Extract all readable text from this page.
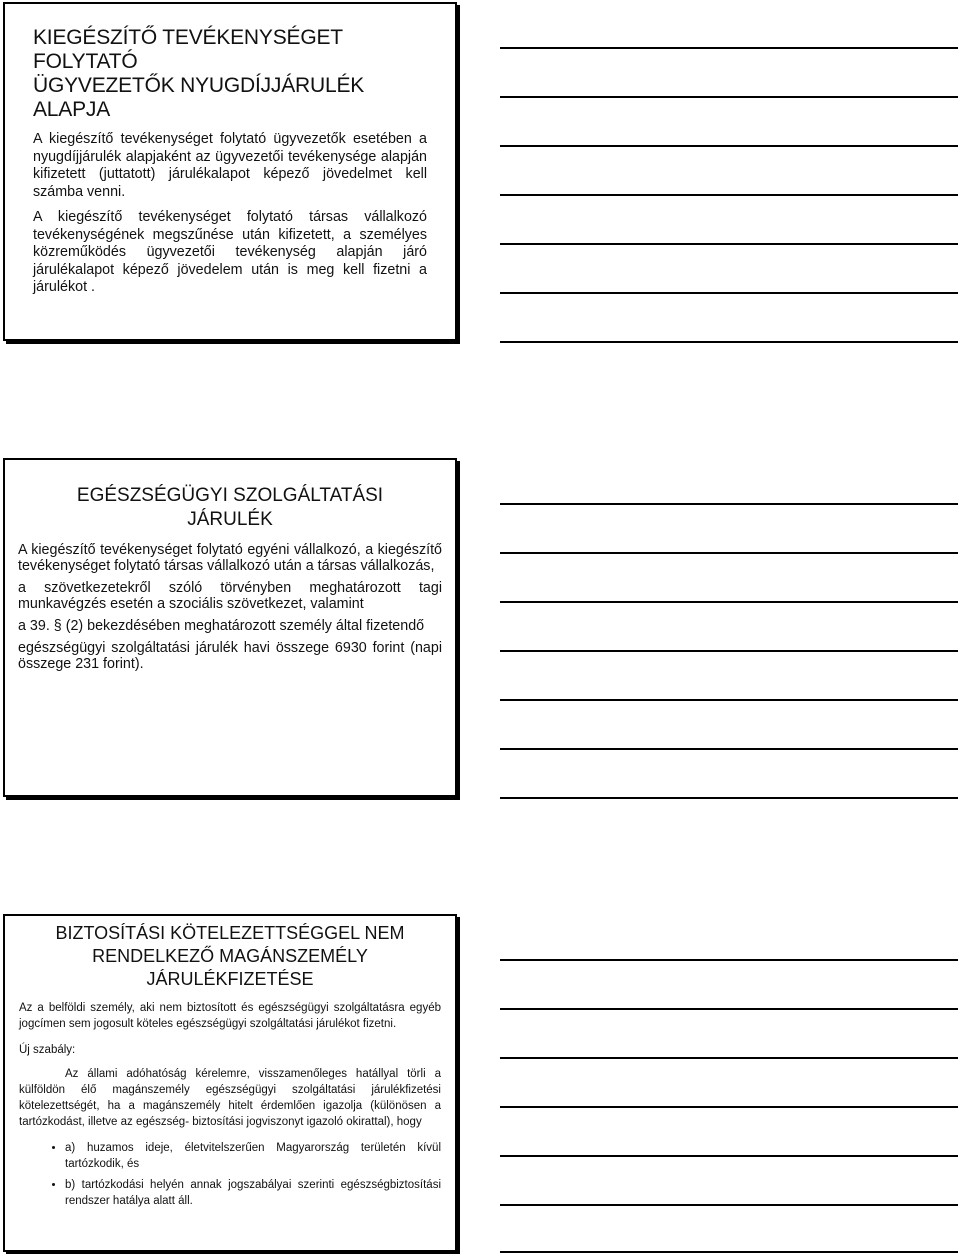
KIEGÉSZÍTŐ TEVÉKENYSÉGET FOLYTATÓ
ÜGYVEZETŐK NYUGDÍJJÁRULÉK ALAPJA

A kiegészítő tevékenységet folytató ügyvezetők esetében a nyugdíjjárulék alapjaként az ügyvezetői tevékenysége alapján kifizetett (juttatott) járulékalapot képező jövedelmet kell számba venni.

A kiegészítő tevékenységet folytató társas vállalkozó tevékenységének megszűnése után kifizetett, a személyes közreműködés ügyvezetői tevékenység alapján járó járulékalapot képező jövedelem után is meg kell fizetni a járulékot .

EGÉSZSÉGÜGYI SZOLGÁLTATÁSI
JÁRULÉK

A kiegészítő tevékenységet folytató egyéni vállalkozó, a kiegészítő tevékenységet folytató társas vállalkozó után a társas vállalkozás,

a szövetkezetekről szóló törvényben meghatározott tagi munkavégzés esetén a szociális szövetkezet, valamint

a 39. § (2) bekezdésében meghatározott személy által fizetendő

egészségügyi szolgáltatási járulék havi összege 6930 forint (napi összege 231 forint).

BIZTOSÍTÁSI KÖTELEZETTSÉGGEL NEM
RENDELKEZŐ MAGÁNSZEMÉLY
JÁRULÉKFIZETÉSE

Az a belföldi személy, aki nem biztosított és egészségügyi szolgáltatásra egyéb jogcímen sem jogosult köteles egészségügyi szolgáltatási járulékot fizetni.

Új szabály:

Az állami adóhatóság kérelemre, visszamenőleges hatállyal törli a külföldön élő magánszemély egészségügyi szolgáltatási járulékfizetési kötelezettségét, ha a magánszemély hitelt érdemlően igazolja (különösen a tartózkodást, illetve az egészség- biztosítási jogviszonyt igazoló okirattal), hogy

• a) huzamos ideje, életvitelszerűen Magyarország területén kívül tartózkodik, és
• b) tartózkodási helyén annak jogszabályai szerinti egészségbiztosítási rendszer hatálya alatt áll.
